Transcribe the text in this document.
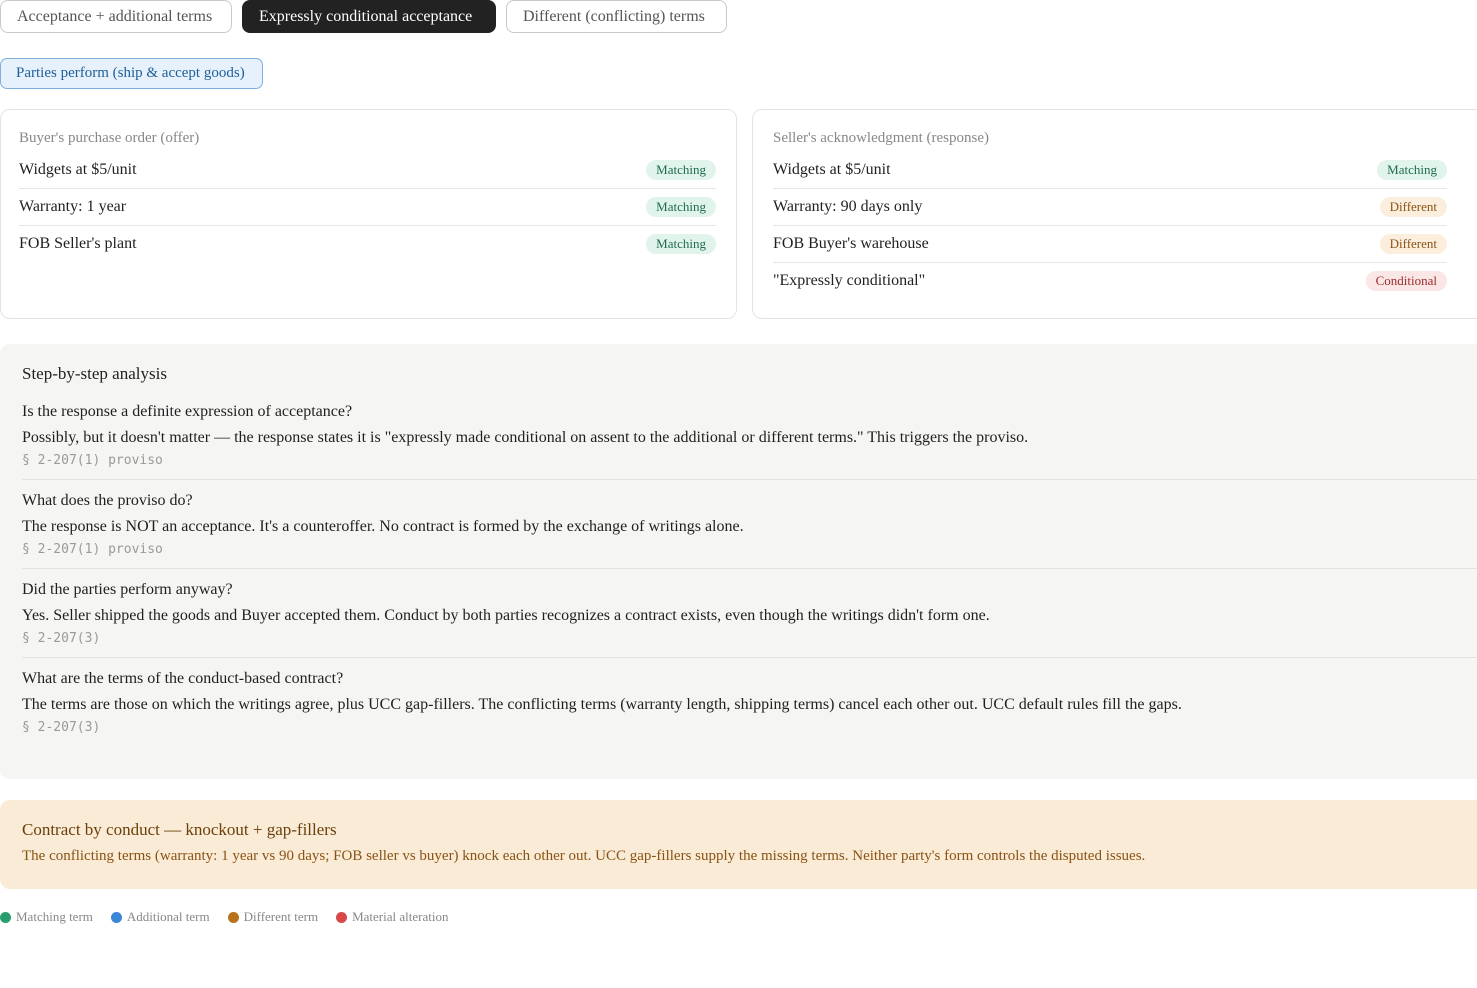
Acceptance + additional terms	Expressly conditional acceptance	Different (conflicting) terms
Parties perform (ship & accept goods)
Buyer's purchase order (offer)
Widgets at $5/unit	Matching
Warranty: 1 year	Matching
FOB Seller's plant	Matching
Seller's acknowledgment (response)
Widgets at $5/unit	Matching
Warranty: 90 days only	Different
FOB Buyer's warehouse	Different
"Expressly conditional"	Conditional
Step-by-step analysis
Is the response a definite expression of acceptance?
Possibly, but it doesn't matter — the response states it is "expressly made conditional on assent to the additional or different terms." This triggers the proviso.
§ 2-207(1) proviso
What does the proviso do?
The response is NOT an acceptance. It's a counteroffer. No contract is formed by the exchange of writings alone.
§ 2-207(1) proviso
Did the parties perform anyway?
Yes. Seller shipped the goods and Buyer accepted them. Conduct by both parties recognizes a contract exists, even though the writings didn't form one.
§ 2-207(3)
What are the terms of the conduct-based contract?
The terms are those on which the writings agree, plus UCC gap-fillers. The conflicting terms (warranty length, shipping terms) cancel each other out. UCC default rules fill the gaps.
§ 2-207(3)
Contract by conduct — knockout + gap-fillers
The conflicting terms (warranty: 1 year vs 90 days; FOB seller vs buyer) knock each other out. UCC gap-fillers supply the missing terms. Neither party's form controls the disputed issues.
Matching term	Additional term	Different term	Material alteration
